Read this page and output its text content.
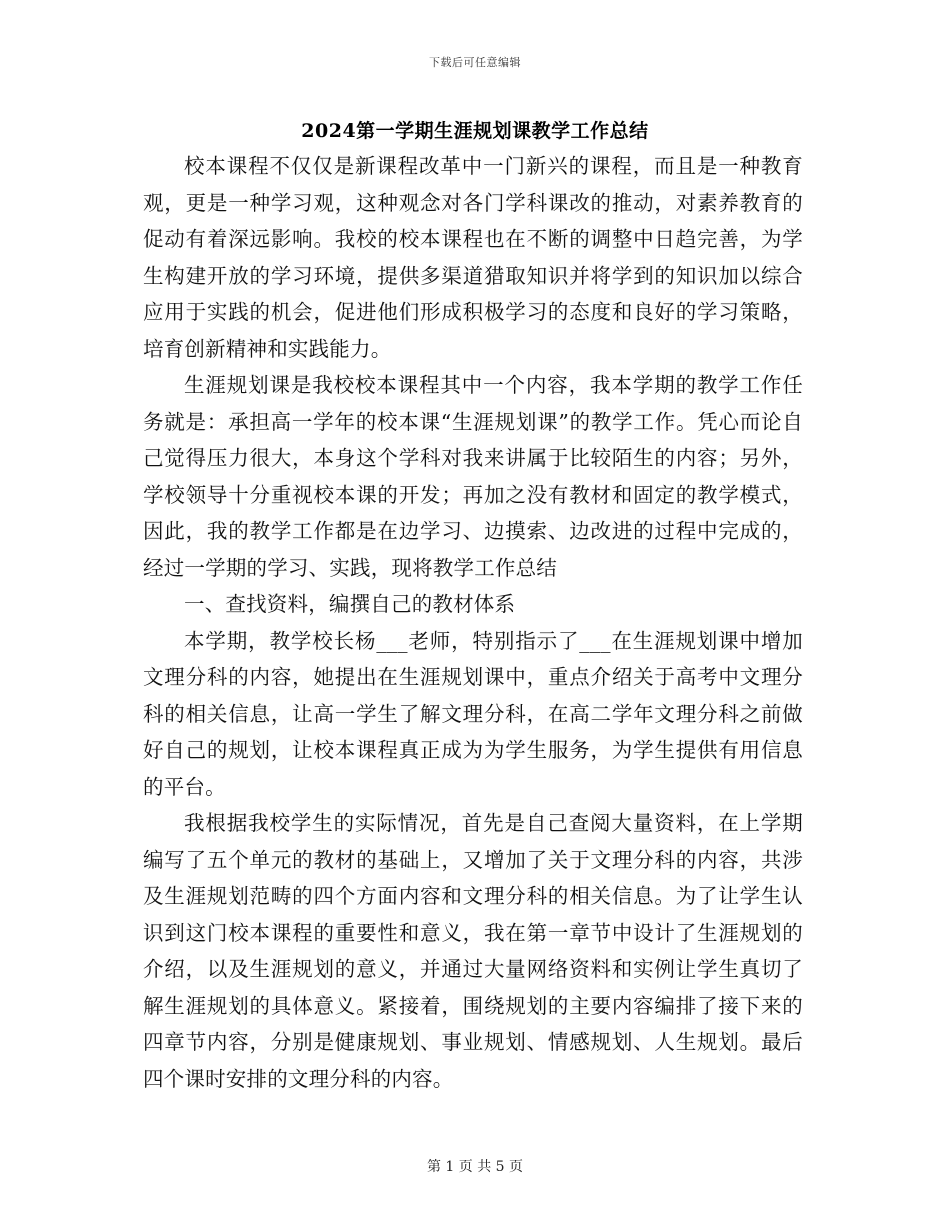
下载后可任意编辑
2024第一学期生涯规划课教学工作总结

校本课程不仅仅是新课程改革中一门新兴的课程，而且是一种教育观，更是一种学习观，这种观念对各门学科课改的推动，对素养教育的促动有着深远影响。我校的校本课程也在不断的调整中日趋完善，为学生构建开放的学习环境，提供多渠道猎取知识并将学到的知识加以综合应用于实践的机会，促进他们形成积极学习的态度和良好的学习策略，培育创新精神和实践能力。

生涯规划课是我校校本课程其中一个内容，我本学期的教学工作任务就是：承担高一学年的校本课“生涯规划课”的教学工作。凭心而论自己觉得压力很大，本身这个学科对我来讲属于比较陌生的内容；另外，学校领导十分重视校本课的开发；再加之没有教材和固定的教学模式，因此，我的教学工作都是在边学习、边摸索、边改进的过程中完成的，经过一学期的学习、实践，现将教学工作总结

一、查找资料，编撰自己的教材体系

本学期，教学校长杨___老师，特别指示了___在生涯规划课中增加文理分科的内容，她提出在生涯规划课中，重点介绍关于高考中文理分科的相关信息，让高一学生了解文理分科，在高二学年文理分科之前做好自己的规划，让校本课程真正成为为学生服务，为学生提供有用信息的平台。

我根据我校学生的实际情况，首先是自己查阅大量资料，在上学期编写了五个单元的教材的基础上，又增加了关于文理分科的内容，共涉及生涯规划范畴的四个方面内容和文理分科的相关信息。为了让学生认识到这门校本课程的重要性和意义，我在第一章节中设计了生涯规划的介绍，以及生涯规划的意义，并通过大量网络资料和实例让学生真切了解生涯规划的具体意义。紧接着，围绕规划的主要内容编排了接下来的四章节内容，分别是健康规划、事业规划、情感规划、人生规划。最后四个课时安排的文理分科的内容。

第 1 页 共 5 页
